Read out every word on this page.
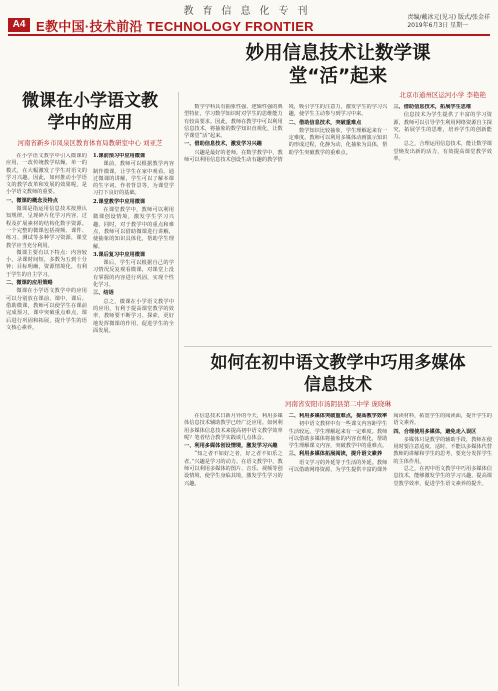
教育信息化专刊
A4 E教中国·技术前沿 TECHNOLOGY FRONTIER
责编/戴冰元(见习) 版式/张金祥
2019年6月3日 星期一
微课在小学语文教学中的应用
河南省新乡市凤泉区教育体育局教研室中心 刘亚芝

在小学语文教学中引入微课的应用，一改传统教学枯燥、单一的模式，在大幅激发了学生对语文的学习兴趣。因此，如何推动小学语文的教学改革和发展的效果呢，是小学语文教师的重要。

一、微课的概念及特点

微课是指运用信息技术按照认知规律，呈现碎片化学习内容、过程及扩展素材的结构化数字资源。一个完整的微课包括视频、课件、练习、测试等多种学习资源，课堂教学应当充分利用。

微课主要有以下特点：内容较小，录课时间短，多数为五到十分钟；目标明确，资源情境化，有利于学生的自主学习。

二、微课的应用策略

微课在小学语文教学中的应用可以分别放在课前、课中、课后。借助微课，教师可以使学生在课前完成预习，课中突破重点难点，课后进行巩固和拓展，提升学生的语文核心素养。

1.课前预习中应用微课

课前，教师可以根据教学内容制作微课，让学生在家中观看。通过微课的讲解，学生可以了解本课的生字词、作者背景等，为课堂学习打下良好的基础。

2.课堂教学中应用微课

在课堂教学中，教师可以利用微课创设情境，激发学生学习兴趣。同时，对于教学中的重点和难点，教师可以借助微课进行讲解，使抽象的知识具体化，帮助学生理解。

3.课后复习中应用微课

课后，学生可以根据自己的学习情况反复观看微课，对课堂上没有掌握的内容进行巩固，实现个性化学习。

三、结语

总之，微课在小学语文教学中的应用，有利于提高课堂教学的效率，教师要不断学习、探索，更好地发挥微课的作用，促进学生的全面发展。

妙用信息技术让数学课堂“活”起来
北京市通州区运河小学 李艳艳

数学学科具有抽象性强、逻辑性强的典型特征，学习数学知识时对学生的思维能力有较高要求。因此，教师在教学中可以利用信息技术，将抽象的数学知识直观化，让数学课堂“活”起来。

一、借助信息技术，激发学习兴趣

兴趣是最好的老师。在数学教学中，教师可以利用信息技术创设生动有趣的教学情境，吸引学生的注意力，激发学生的学习兴趣，使学生主动参与到学习中来。

二、借助信息技术，突破重难点

数学知识比较抽象，学生理解起来有一定难度。教师可以利用多媒体动画演示知识的形成过程，化静为动，化抽象为具体，帮助学生突破教学的重难点。

三、借助信息技术，拓展学生思维

信息技术为学生提供了丰富的学习资源，教师可以引导学生利用网络资源自主探究，拓展学生的思维，培养学生的创新能力。

总之，合理运用信息技术，能让数学课堂焕发出新的活力，有效提高课堂教学效率。

如何在初中语文教学中巧用多媒体信息技术
河南省安阳市汤阴县第二中学 庞晓琳

在信息技术日新月异的今天，利用多媒体信息技术辅助教学已经广泛应用。如何利用多媒体信息技术来提高初中语文教学效率呢？笔者结合教学实践谈几点体会。

一、利用多媒体创设情境，激发学习兴趣

“知之者不如好之者，好之者不如乐之者。”兴趣是学习的动力。在语文教学中，教师可以利用多媒体的图片、音乐、视频等创设情境，使学生身临其境，激发学生学习的兴趣。

二、利用多媒体突破重难点，提高教学效率

初中语文教材中有一些课文内容距学生生活较远，学生理解起来有一定难度。教师可以借助多媒体将抽象的内容直观化，帮助学生理解课文内容，突破教学中的重难点。

三、利用多媒体拓展阅读，提升语文素养

语文学习的外延等于生活的外延。教师可以借助网络资源，为学生提供丰富的课外阅读材料，拓宽学生的阅读面，提升学生的语文素养。

四、合理使用多媒体，避免走入误区

多媒体只是教学的辅助手段，教师在使用时要注意适度、适时，不能以多媒体代替教师的讲解和学生的思考，要充分发挥学生的主体作用。

总之，在初中语文教学中巧用多媒体信息技术，能够激发学生的学习兴趣，提高课堂教学效率，促进学生语文素养的提升。
